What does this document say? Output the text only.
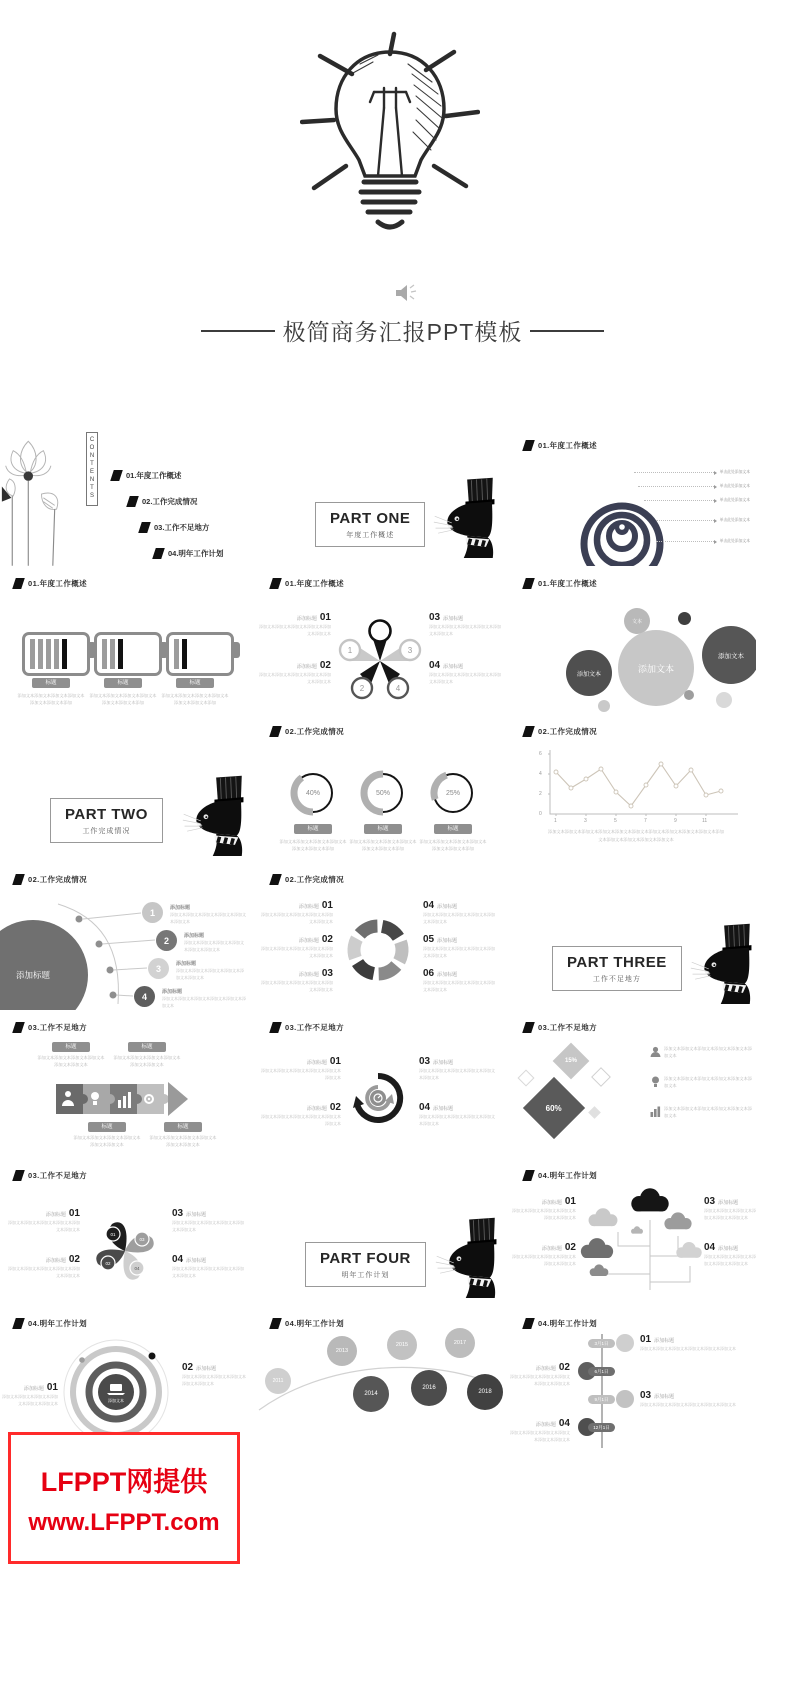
极简商务汇报PPT模板
CONTENTS	01.年度工作概述
02.工作完成情况
03.工作不足地方
04.明年工作计划
PART ONE
年度工作概述
01.年度工作概述
单击此处添加文本
单击此处添加文本
单击此处添加文本
单击此处添加文本
单击此处添加文本
01.年度工作概述
标题	标题	标题
添加文本添加文本添加文本添加文本添加文本添加文本添加
添加文本添加文本添加文本添加文本添加文本添加文本添加
添加文本添加文本添加文本添加文本添加文本添加文本添加
01.年度工作概述
1
2
3
4
添加标题 01
添加文本添加文本添加文本添加文本添加文本添加文本
添加标题 02
添加文本添加文本添加文本添加文本添加文本添加文本
03 添加标题
添加文本添加文本添加文本添加文本添加文本添加文本
04 添加标题
添加文本添加文本添加文本添加文本添加文本添加文本
01.年度工作概述
文本
添加文本
添加文本
添加文本
PART TWO
工作完成情况
02.工作完成情况
40%	50%	25%
标题	标题	标题
添加文本添加文本添加文本添加文本添加文本添加文本添加
添加文本添加文本添加文本添加文本添加文本添加文本添加
添加文本添加文本添加文本添加文本添加文本添加文本添加
02.工作完成情况
6
4
2
0
1	3	5	7	9	11
添加文本添加文本添加文本添加文本添加文本添加文本添加文本添加文本添加文本添加文本添加文本添加文本添加文本添加文本添加文本
02.工作完成情况
添加标题
1
2
3
4
添加标题
添加文本添加文本添加文本添加文本添加文本添加文本
添加标题
添加文本添加文本添加文本添加文本添加文本添加文本
添加标题
添加文本添加文本添加文本添加文本添加文本添加文本
添加标题
添加文本添加文本添加文本添加文本添加文本添加文本
02.工作完成情况
添加标题 01
添加文本添加文本添加文本添加文本添加文本添加文本
添加标题 02
添加文本添加文本添加文本添加文本添加文本添加文本
添加标题 03
添加文本添加文本添加文本添加文本添加文本添加文本
04 添加标题
添加文本添加文本添加文本添加文本添加文本添加文本
05 添加标题
添加文本添加文本添加文本添加文本添加文本添加文本
06 添加标题
添加文本添加文本添加文本添加文本添加文本添加文本
PART THREE
工作不足地方
03.工作不足地方
标题	标题
添加文本添加文本添加文本添加文本添加文本添加文本
添加文本添加文本添加文本添加文本添加文本添加文本
标题	标题
添加文本添加文本添加文本添加文本添加文本添加文本
添加文本添加文本添加文本添加文本添加文本添加文本
03.工作不足地方
添加标题 01
添加文本添加文本添加文本添加文本添加文本添加文本
添加标题 02
添加文本添加文本添加文本添加文本添加文本添加文本
03 添加标题
添加文本添加文本添加文本添加文本添加文本添加文本
04 添加标题
添加文本添加文本添加文本添加文本添加文本添加文本
03.工作不足地方
15%
60%
添加文本添加文本添加文本添加文本添加文本添加文本
添加文本添加文本添加文本添加文本添加文本添加文本
添加文本添加文本添加文本添加文本添加文本添加文本
03.工作不足地方
01
02
03
04
添加标题 01
添加文本添加文本添加文本添加文本添加文本添加文本
添加标题 02
添加文本添加文本添加文本添加文本添加文本添加文本
03 添加标题
添加文本添加文本添加文本添加文本添加文本添加文本
04 添加标题
添加文本添加文本添加文本添加文本添加文本添加文本
PART FOUR
明年工作计划
04.明年工作计划
添加标题 01
添加文本添加文本添加文本添加文本添加文本添加文本
添加标题 02
添加文本添加文本添加文本添加文本添加文本添加文本
03 添加标题
添加文本添加文本添加文本添加文本添加文本添加文本
04 添加标题
添加文本添加文本添加文本添加文本添加文本添加文本
04.明年工作计划
添加文本
添加标题 01
添加文本添加文本添加文本添加文本添加文本添加文本
02 添加标题
添加文本添加文本添加文本添加文本添加文本添加文本
04.明年工作计划
2011
2013
2014
2015
2016
2017
2018
04.明年工作计划
3月1日
6月1日
9月1日
12月1日
01 添加标题
添加文本添加文本添加文本添加文本添加文本添加文本
添加标题 02
添加文本添加文本添加文本添加文本添加文本添加文本
03 添加标题
添加文本添加文本添加文本添加文本添加文本添加文本
添加标题 04
添加文本添加文本添加文本添加文本添加文本添加文本
LFPPT网提供
www.LFPPT.com
